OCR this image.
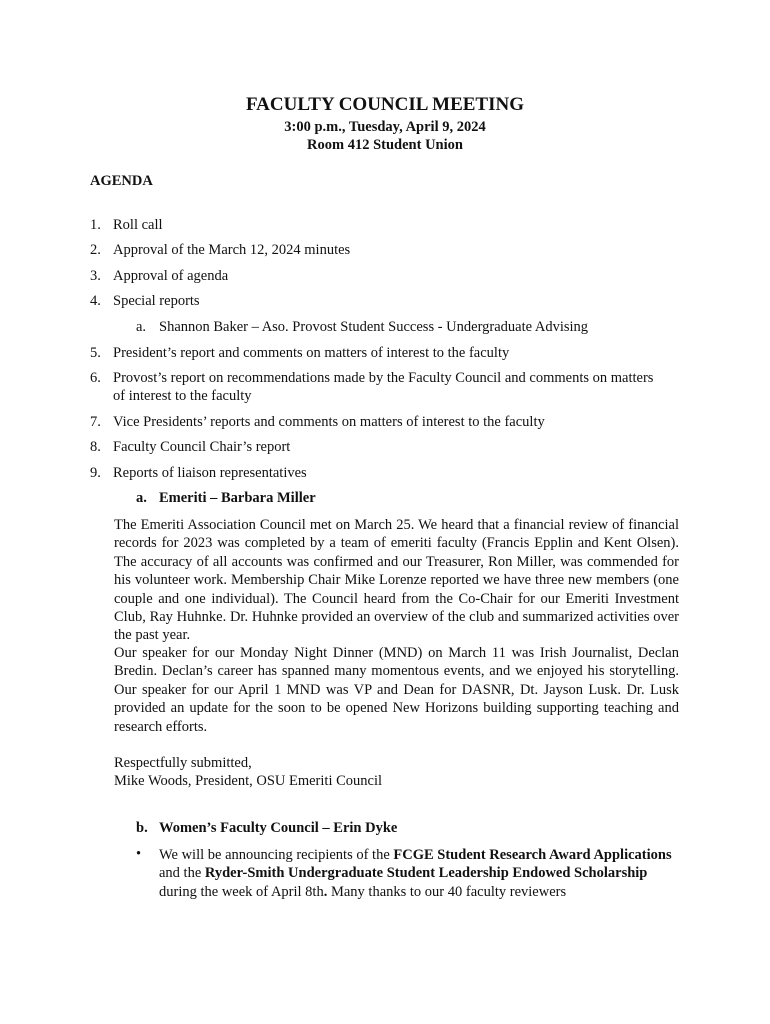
FACULTY COUNCIL MEETING
3:00 p.m., Tuesday, April 9, 2024
Room 412 Student Union
AGENDA
1. Roll call
2. Approval of the March 12, 2024 minutes
3. Approval of agenda
4. Special reports
a. Shannon Baker – Aso. Provost Student Success - Undergraduate Advising
5. President’s report and comments on matters of interest to the faculty
6. Provost’s report on recommendations made by the Faculty Council and comments on matters
of interest to the faculty
7. Vice Presidents’ reports and comments on matters of interest to the faculty
8. Faculty Council Chair’s report
9. Reports of liaison representatives
a. Emeriti – Barbara Miller
The Emeriti Association Council met on March 25. We heard that a financial review of financial records for 2023 was completed by a team of emeriti faculty (Francis Epplin and Kent Olsen). The accuracy of all accounts was confirmed and our Treasurer, Ron Miller, was commended for his volunteer work. Membership Chair Mike Lorenze reported we have three new members (one couple and one individual). The Council heard from the Co-Chair for our Emeriti Investment Club, Ray Huhnke. Dr. Huhnke provided an overview of the club and summarized activities over the past year.
Our speaker for our Monday Night Dinner (MND) on March 11 was Irish Journalist, Declan Bredin. Declan’s career has spanned many momentous events, and we enjoyed his storytelling. Our speaker for our April 1 MND was VP and Dean for DASNR, Dt. Jayson Lusk. Dr. Lusk provided an update for the soon to be opened New Horizons building supporting teaching and research efforts.
Respectfully submitted,
Mike Woods, President, OSU Emeriti Council
b. Women’s Faculty Council – Erin Dyke
• We will be announcing recipients of the FCGE Student Research Award Applications and the Ryder-Smith Undergraduate Student Leadership Endowed Scholarship during the week of April 8th. Many thanks to our 40 faculty reviewers
